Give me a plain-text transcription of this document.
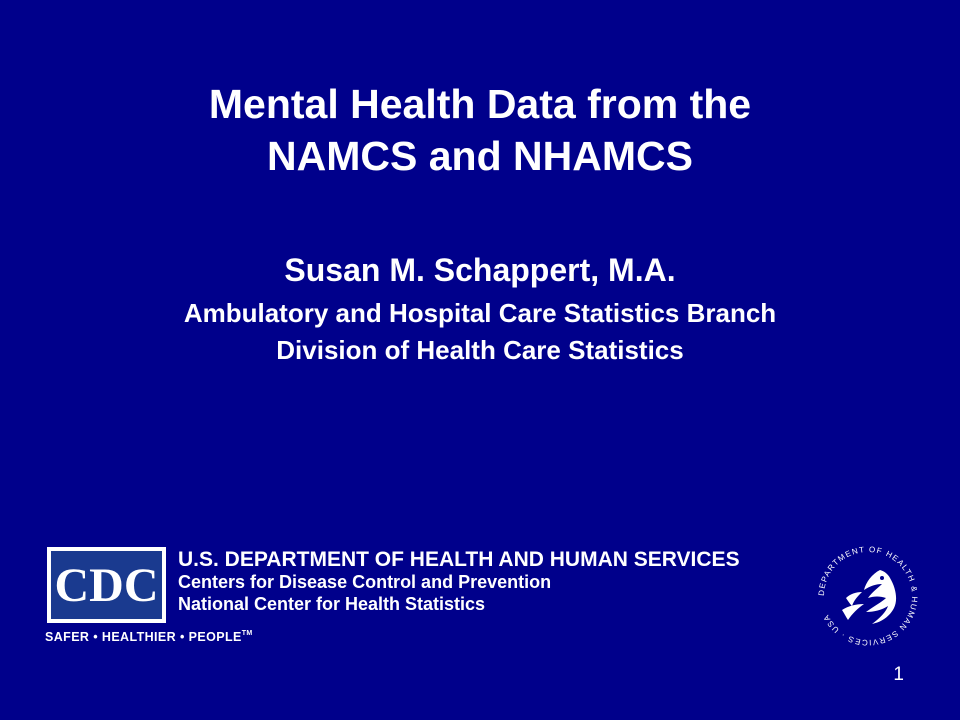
Mental Health Data from the
NAMCS and NHAMCS
Susan M. Schappert, M.A.
Ambulatory and Hospital Care Statistics Branch
Division of Health Care Statistics
CDC
SAFER • HEALTHIER • PEOPLE™
U.S. DEPARTMENT OF HEALTH AND HUMAN SERVICES
Centers for Disease Control and Prevention
National Center for Health Statistics
DEPARTMENT OF HEALTH & HUMAN SERVICES · USA
1
